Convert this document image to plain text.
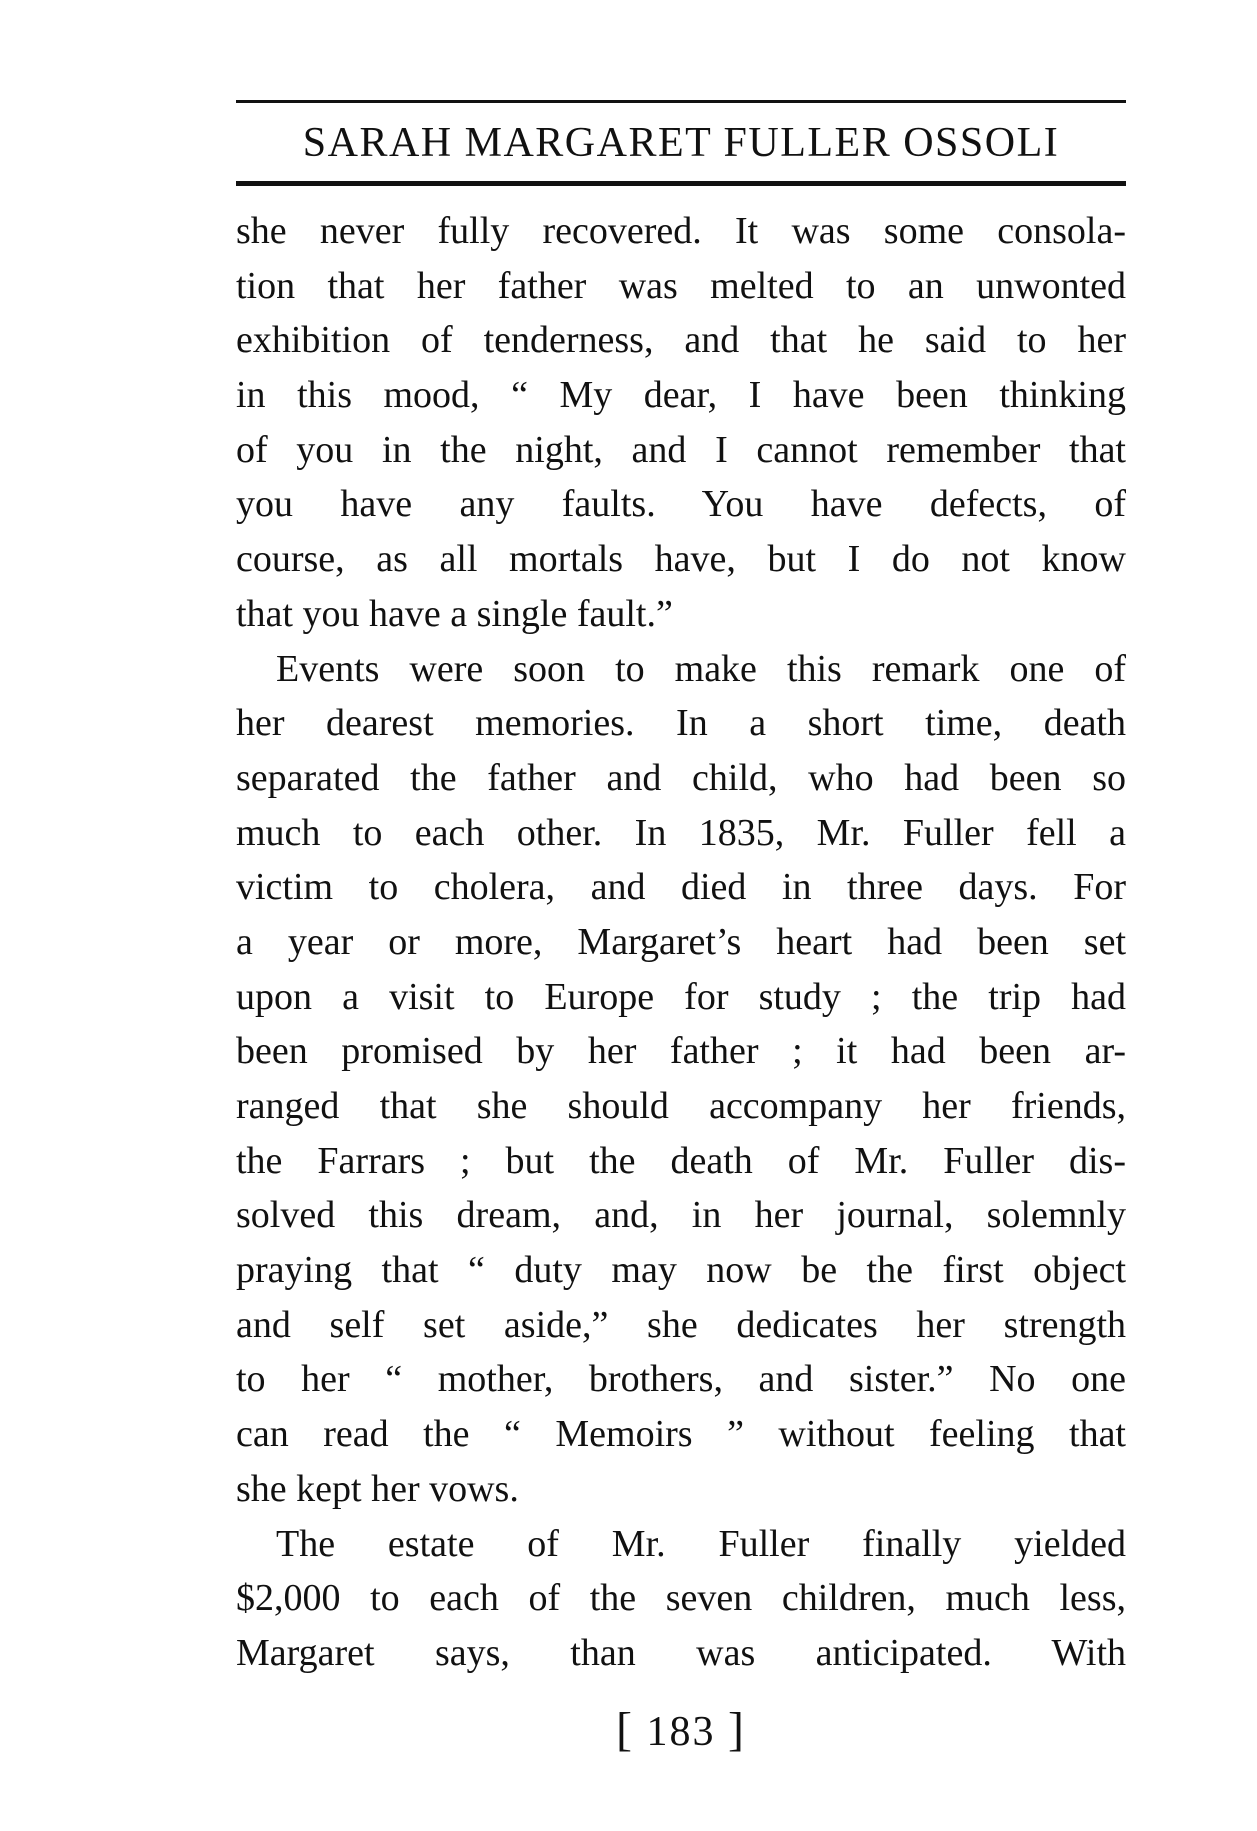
SARAH MARGARET FULLER OSSOLI
she never fully recovered. It was some consola-
tion that her father was melted to an unwonted
exhibition of tenderness, and that he said to her
in this mood, “ My dear, I have been thinking
of you in the night, and I cannot remember that
you have any faults. You have defects, of
course, as all mortals have, but I do not know
that you have a single fault.”
Events were soon to make this remark one of
her dearest memories. In a short time, death
separated the father and child, who had been so
much to each other. In 1835, Mr. Fuller fell a
victim to cholera, and died in three days. For
a year or more, Margaret’s heart had been set
upon a visit to Europe for study ; the trip had
been promised by her father ; it had been ar-
ranged that she should accompany her friends,
the Farrars ; but the death of Mr. Fuller dis-
solved this dream, and, in her journal, solemnly
praying that “ duty may now be the first object
and self set aside,” she dedicates her strength
to her “ mother, brothers, and sister.” No one
can read the “ Memoirs ” without feeling that
she kept her vows.
The estate of Mr. Fuller finally yielded
$2,000 to each of the seven children, much less,
Margaret says, than was anticipated. With
[ 183 ]
